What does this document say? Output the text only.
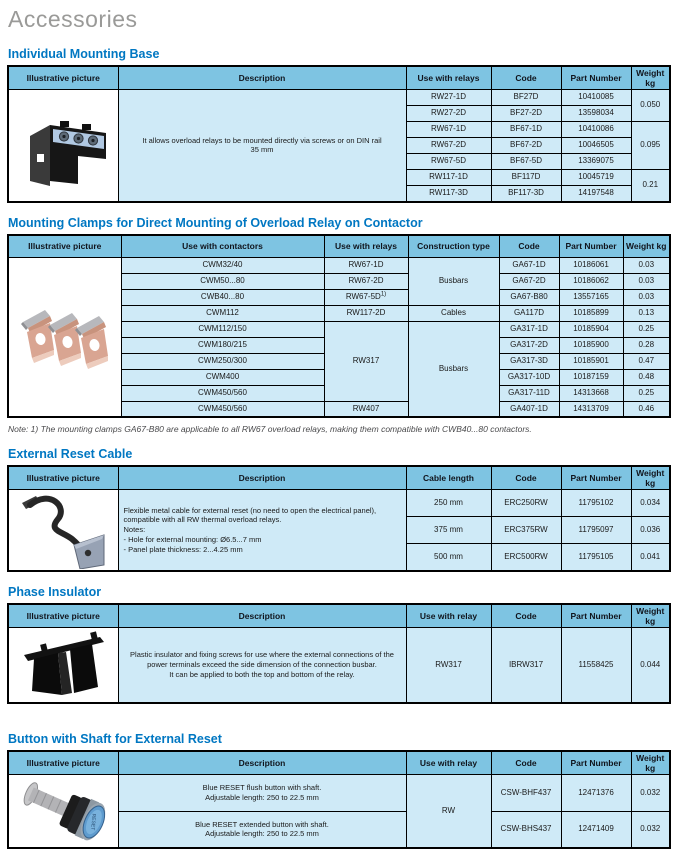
Accessories
Individual Mounting Base
Illustrative picture	Description	Use with relays	Code	Part Number	Weight kg

It allows overload relays to be mounted directly via screws or on DIN rail
35 mm	RW27-1D	BF27D	10410085	0.050
		RW27-2D	BF27-2D	13598034	
		RW67-1D	BF67-1D	10410086	0.095
		RW67-2D	BF67-2D	10046505	
		RW67-5D	BF67-5D	13369075	
		RW117-1D	BF117D	10045719	0.21
		RW117-3D	BF117-3D	14197548	
Mounting Clamps for Direct Mounting of Overload Relay on Contactor
Illustrative picture	Use with contactors	Use with relays	Construction type	Code	Part Number	Weight kg

	CWM32/40	RW67-1D	Busbars	GA67-1D	10186061	0.03
	CWM50...80	RW67-2D		GA67-2D	10186062	0.03
	CWB40...80	$RW67-5D^{1)}$		GA67-B80	13557165	0.03
	CWM112	RW117-2D	Cables	GA117D	10185899	0.13
	CWM112/150	RW317	Busbars	GA317-1D	10185904	0.25
	CWM180/215			GA317-2D	10185900	0.28
	CWM250/300			GA317-3D	10185901	0.47
	CWM400			GA317-10D	10187159	0.48
	CWM450/560			GA317-11D	14313668	0.25
	CWM450/560	RW407		GA407-1D	14313709	0.46

Note: 1) The mounting clamps GA67-B80 are applicable to all RW67 overload relays, making them compatible with CWB40...80 contactors.

External Reset Cable
Illustrative picture	Description	Cable length	Code	Part Number	Weight kg

Flexible metal cable for external reset (no need to open the electrical panel), compatible with all RW thermal overload relays.
Notes:
- Hole for external mounting: Ø6.5...7 mm
- Panel plate thickness: 2...4.25 mm	250 mm	ERC250RW	11795102	0.034
		375 mm	ERC375RW	11795097	0.036
		500 mm	ERC500RW	11795105	0.041
Phase Insulator
Illustrative picture	Description	Use with relay	Code	Part Number	Weight kg

Plastic insulator and fixing screws for use where the external connections of the power terminals exceed the side dimension of the connection busbar.
It can be applied to both the top and bottom of the relay.	RW317	IBRW317	11558425	0.044
Button with Shaft for External Reset
Illustrative picture	Description	Use with relay	Code	Part Number	Weight kg

RESET	Blue RESET flush button with shaft.
Adjustable length: 250 to 22.5 mm	RW	CSW-BHF437	12471376	0.032

	Blue RESET extended button with shaft.
Adjustable length: 250 to 22.5 mm		CSW-BHS437	12471409	0.032
